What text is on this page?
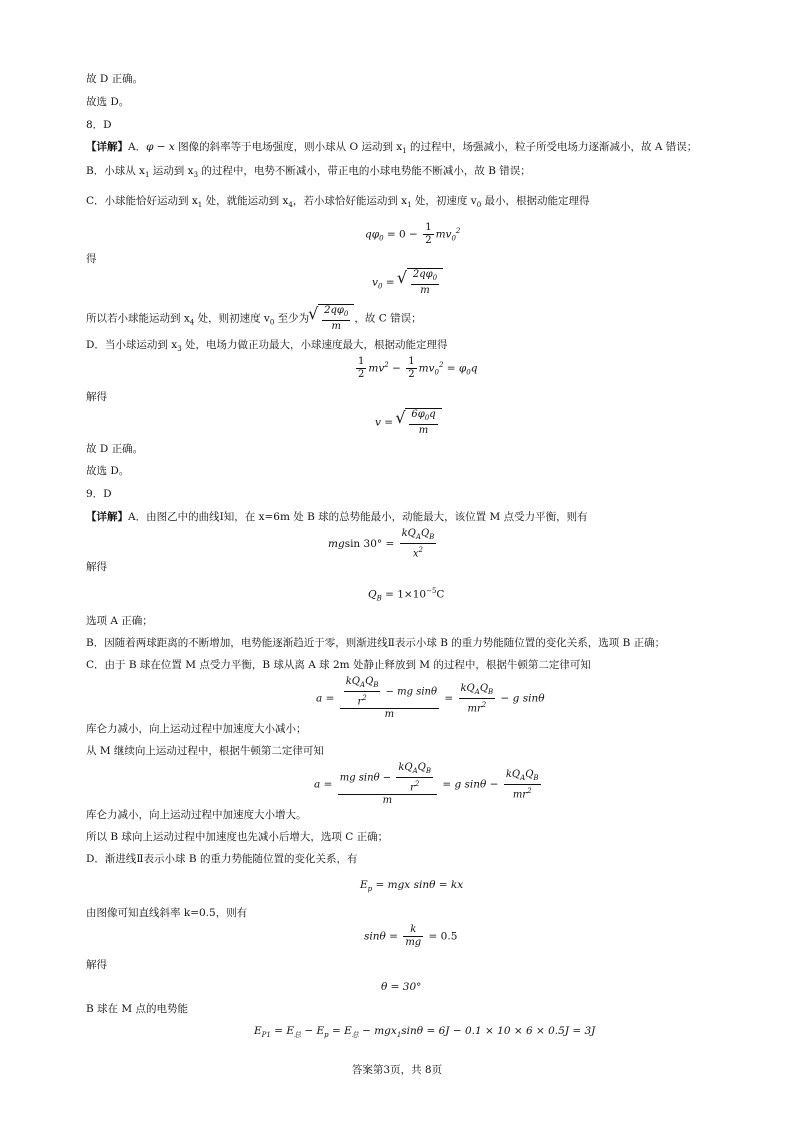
故 D 正确。
故选 D。
8．D
【详解】A．φ − x 图像的斜率等于电场强度，则小球从 O 运动到 $x_1$ 的过程中，场强减小，粒子所受电场力逐渐减小，故 A 错误；
B．小球从 $x_1$ 运动到 $x_3$ 的过程中，电势不断减小，带正电的小球电势能不断减小，故 B 错误；
C．小球能恰好运动到 $x_1$ 处，就能运动到 $x_4$，若小球恰好能运动到 $x_1$ 处，初速度 $v_0$ 最小，根据动能定理得
$q\varphi_0 = 0 - \frac{1}{2} mv_0^2$
得
$v_0$ = √ $\frac{2q\varphi_0}{m}$
所以若小球能运动到 $x_4$ 处，则初速度 $v_0$ 至少为 √ $\frac{2q\varphi_0}{m}$ ，故 C 错误；
D．当小球运动到 $x_3$ 处，电场力做正功最大，小球速度最大，根据动能定理得
$\frac{1}{2} mv^2 - \frac{1}{2} mv_0^2 = \varphi_0q$
解得
v = √ $\frac{6\varphi_0q}{m}$
故 D 正确。
故选 D。
9．D
【详解】A．由图乙中的曲线Ⅰ知，在 x=6m 处 B 球的总势能最小，动能最大，该位置 M 点受力平衡，则有
mgsin $30^\circ = \frac{kQ_AQ_B}{x^2}$
解得
$Q_B = 1\times 10^{-5}C$
选项 A 正确；
B．因随着两球距离的不断增加，电势能逐渐趋近于零，则渐进线Ⅱ表示小球 B 的重力势能随位置的变化关系，选项 B 正确；
C．由于 B 球在位置 M 点受力平衡，B 球从离 A 球 2m 处静止释放到 M 的过程中，根据牛顿第二定律可知
$a = \frac{\frac{kQ_AQ_B}{r^2} - mg \sin\theta}{m} = \frac{kQ_AQ_B}{mr^2} - g$ sinθ
库仑力减小，向上运动过程中加速度大小减小；
从 M 继续向上运动过程中，根据牛顿第二定律可知
$a = \frac{mg \sin\theta - \frac{kQ_AQ_B}{r^2}}{m} = g$ $\sin\theta - \frac{kQ_AQ_B}{mr^2}$
库仑力减小，向上运动过程中加速度大小增大。
所以 B 球向上运动过程中加速度也先减小后增大，选项 C 正确；
D．渐进线Ⅱ表示小球 B 的重力势能随位置的变化关系，有
$E_p$ = mgx sinθ = kx
由图像可知直线斜率 k=0.5，则有
$\sin\theta = \frac{k}{mg} = 0.5$
解得
θ = 30°
B 球在 M 点的电势能
$E_{P1} = E_总 - E_p = E_总 - mgx_1\sin\theta = 6J - 0.1 \times 10 \times 6 \times 0.5J = 3J$
答案第3页，共 8页
